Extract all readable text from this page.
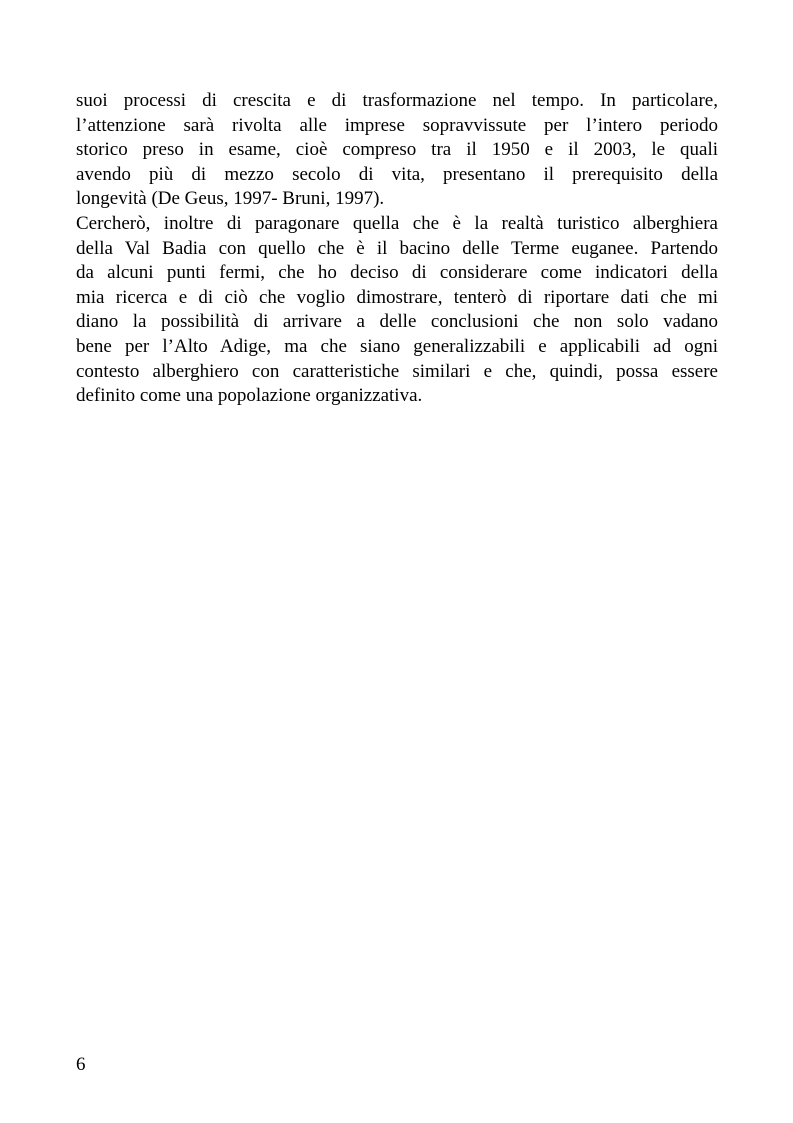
suoi processi di crescita e di trasformazione nel tempo. In particolare,
l’attenzione sarà rivolta alle imprese sopravvissute per l’intero periodo
storico preso in esame, cioè compreso tra il 1950 e il 2003, le quali
avendo più di mezzo secolo di vita, presentano il prerequisito della
longevità (De Geus, 1997- Bruni, 1997).
Cercherò, inoltre di paragonare quella che è la realtà turistico alberghiera
della Val Badia con quello che è il bacino delle Terme euganee. Partendo
da alcuni punti fermi, che ho deciso di considerare come indicatori della
mia ricerca e di ciò che voglio dimostrare, tenterò di riportare dati che mi
diano la possibilità di arrivare a delle conclusioni che non solo vadano
bene per l’Alto Adige, ma che siano generalizzabili e applicabili ad ogni
contesto alberghiero con caratteristiche similari e che, quindi, possa essere
definito come una popolazione organizzativa.
6
